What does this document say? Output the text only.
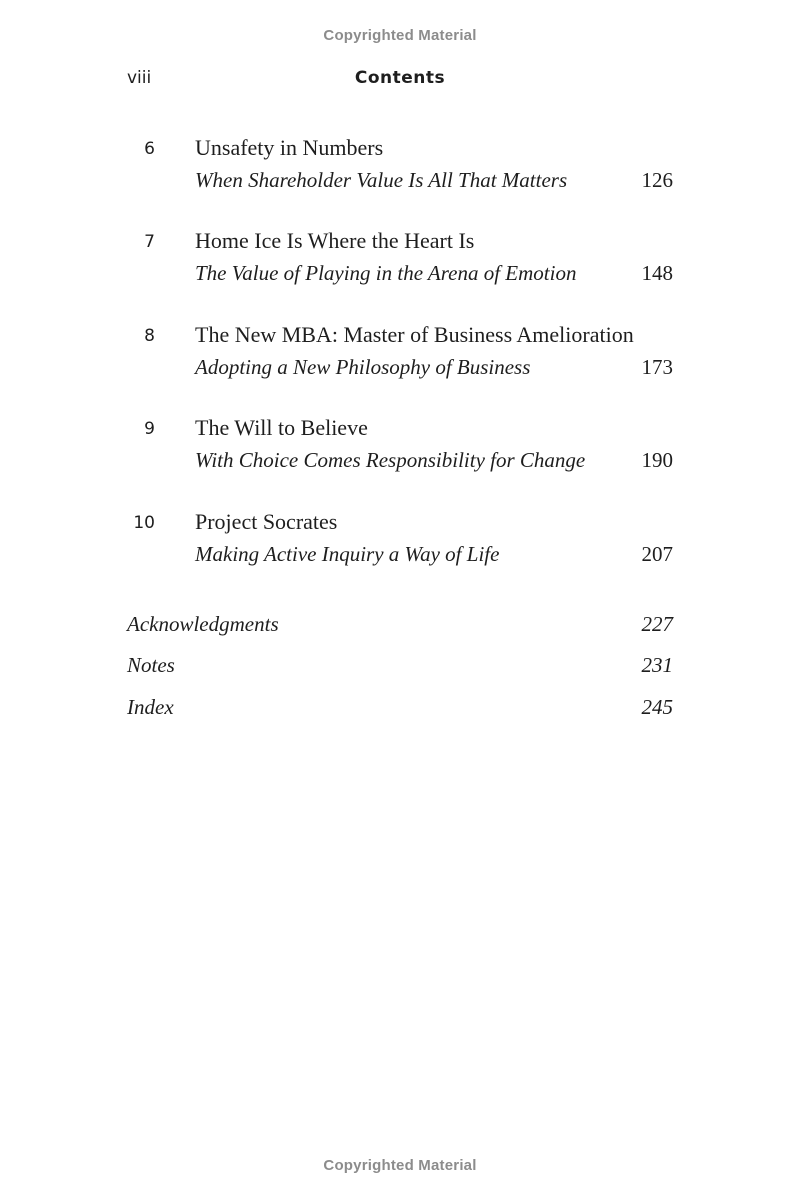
Copyrighted Material
viii	Contents
6 Unsafety in Numbers
When Shareholder Value Is All That Matters	126
7 Home Ice Is Where the Heart Is
The Value of Playing in the Arena of Emotion	148
8 The New MBA: Master of Business Amelioration
Adopting a New Philosophy of Business	173
9 The Will to Believe
With Choice Comes Responsibility for Change	190
10 Project Socrates
Making Active Inquiry a Way of Life	207
Acknowledgments	227
Notes	231
Index	245
Copyrighted Material
